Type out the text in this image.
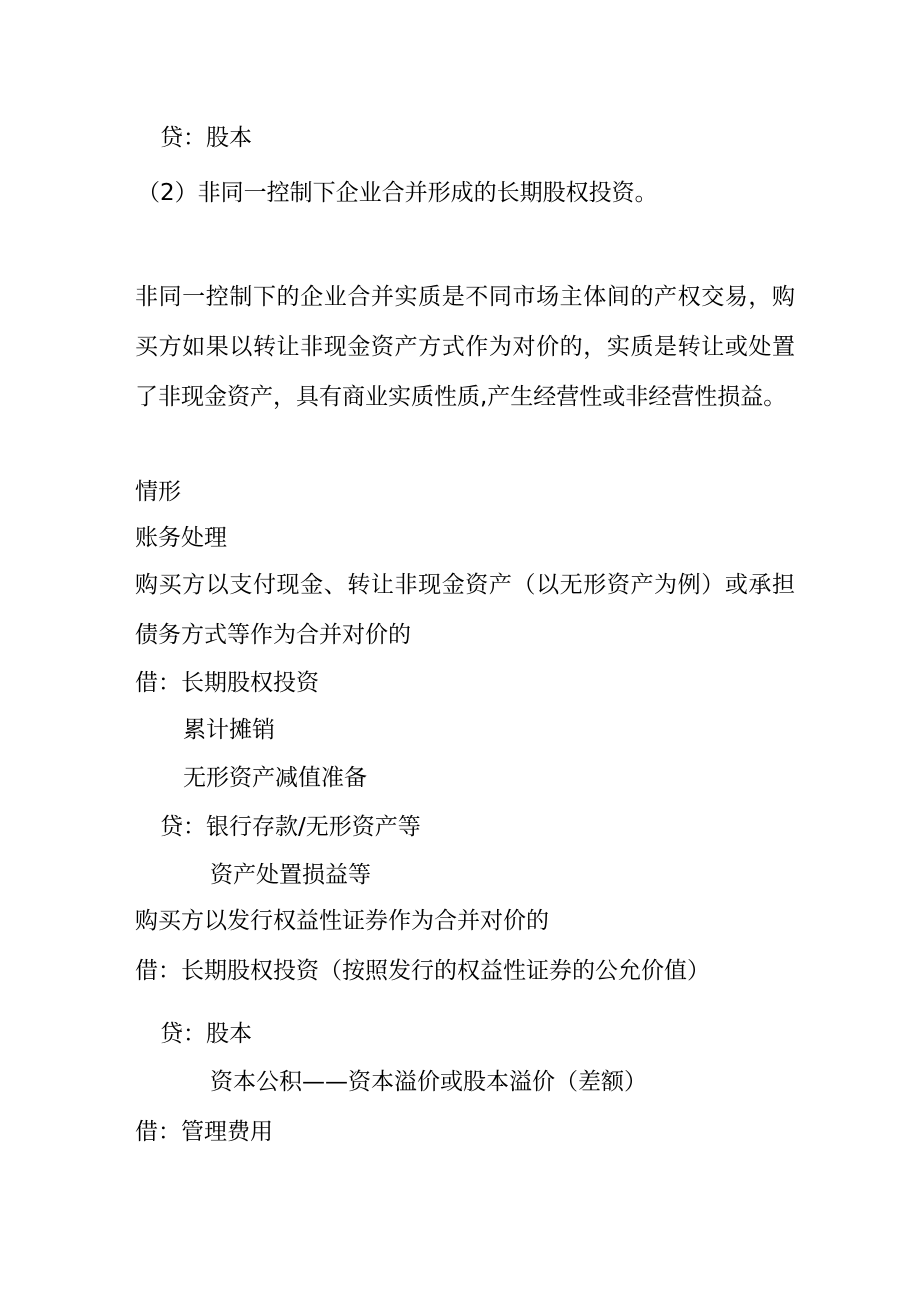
贷：股本
（2）非同一控制下企业合并形成的长期股权投资。
非同一控制下的企业合并实质是不同市场主体间的产权交易，购买方如果以转让非现金资产方式作为对价的，实质是转让或处置了非现金资产，具有商业实质性质,产生经营性或非经营性损益。
情形
账务处理
购买方以支付现金、转让非现金资产（以无形资产为例）或承担债务方式等作为合并对价的
借：长期股权投资
累计摊销
无形资产减值准备
贷：银行存款/无形资产等
资产处置损益等
购买方以发行权益性证券作为合并对价的
借：长期股权投资（按照发行的权益性证券的公允价值）
贷：股本
资本公积——资本溢价或股本溢价（差额）
借：管理费用
